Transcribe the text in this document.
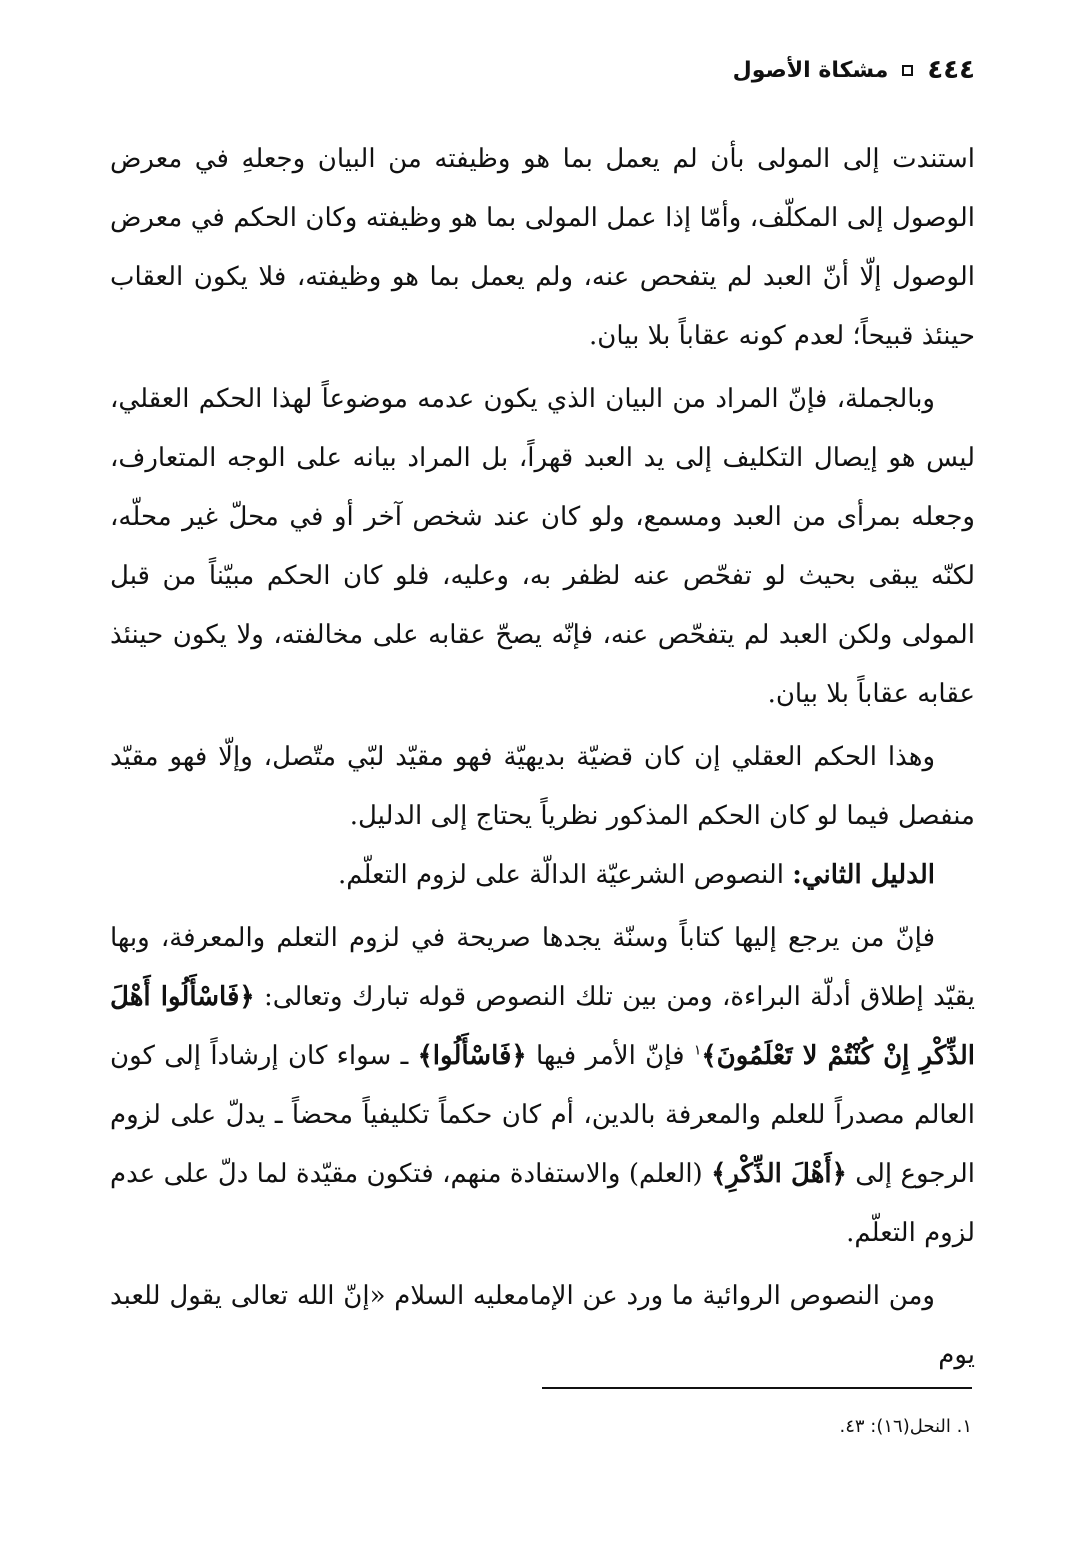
٤٤٤
مشكاة الأصول

استندت إلى المولى بأن لم يعمل بما هو وظيفته من البيان وجعلهِ في معرض الوصول إلى المكلّف، وأمّا إذا عمل المولى بما هو وظيفته وكان الحكم في معرض الوصول إلّا أنّ العبد لم يتفحص عنه، ولم يعمل بما هو وظيفته، فلا يكون العقاب حينئذ قبيحاً؛ لعدم كونه عقاباً بلا بيان.

وبالجملة، فإنّ المراد من البيان الذي يكون عدمه موضوعاً لهذا الحكم العقلي، ليس هو إيصال التكليف إلى يد العبد قهراً، بل المراد بيانه على الوجه المتعارف، وجعله بمرأى من العبد ومسمع، ولو كان عند شخص آخر أو في محلّ غير محلّه، لكنّه يبقى بحيث لو تفحّص عنه لظفر به، وعليه، فلو كان الحكم مبيّناً من قبل المولى ولكن العبد لم يتفحّص عنه، فإنّه يصحّ عقابه على مخالفته، ولا يكون حينئذ عقابه عقاباً بلا بيان.

وهذا الحكم العقلي إن كان قضيّة بديهيّة فهو مقيّد لبّي متّصل، وإلّا فهو مقيّد منفصل فيما لو كان الحكم المذكور نظرياً يحتاج إلى الدليل.

الدليل الثاني: النصوص الشرعيّة الدالّة على لزوم التعلّم.

فإنّ من يرجع إليها كتاباً وسنّة يجدها صريحة في لزوم التعلم والمعرفة، وبها يقيّد إطلاق أدلّة البراءة، ومن بين تلك النصوص قوله تبارك وتعالى: ﴿فَاسْأَلُوا أَهْلَ الذِّكْرِ إِنْ كُنْتُمْ لا تَعْلَمُونَ﴾$^١$ فإنّ الأمر فيها ﴿فَاسْأَلُوا﴾ ـ سواء كان إرشاداً إلى كون العالم مصدراً للعلم والمعرفة بالدين، أم كان حكماً تكليفياً محضاً ـ يدلّ على لزوم الرجوع إلى ﴿أَهْلَ الذِّكْرِ﴾ (العلم) والاستفادة منهم، فتكون مقيّدة لما دلّ على عدم لزوم التعلّم.

ومن النصوص الروائية ما ورد عن الإمام‏عليه السلام «إنّ الله تعالى يقول للعبد يوم

١. النحل(١٦): ٤٣.
